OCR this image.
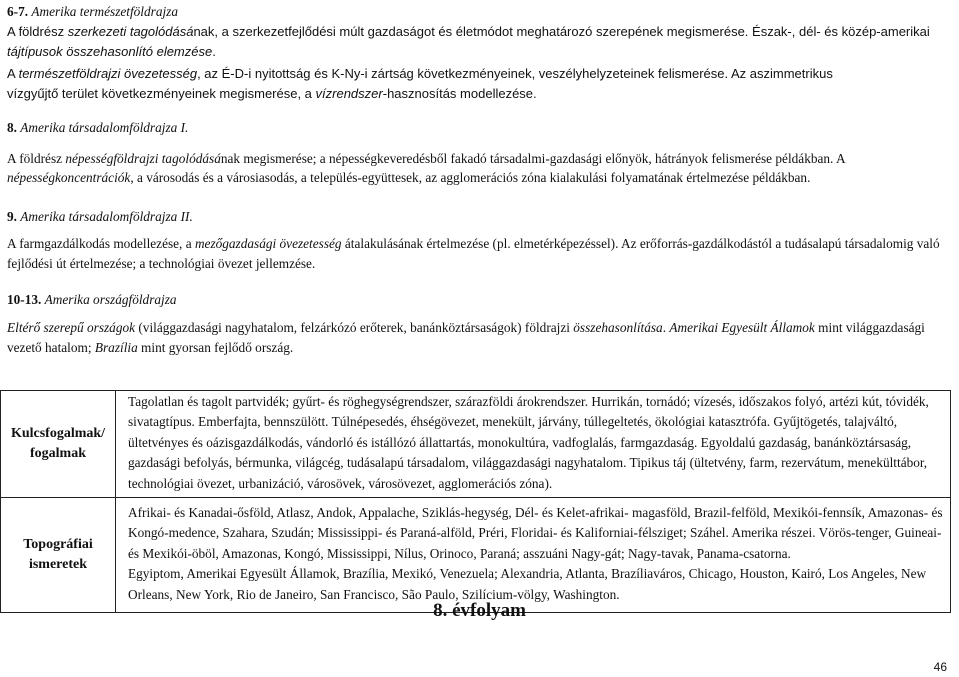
6-7. Amerika természetföldrajza
A földrész szerkezeti tagolódásának, a szerkezetfejlődési múlt gazdaságot és életmódot meghatározó szerepének megismerése. Észak-, dél- és közép-amerikai tájtípusok összehasonlító elemzése.
A természetföldrajzi övezetesség, az É-D-i nyitottság és K-Ny-i zártság következményeinek, veszélyhelyzeteinek felismerése. Az aszimmetrikus
vízgyűjtő terület következményeinek megismerése, a vízrendszer-hasznosítás modellezése.
8. Amerika társadalomföldrajza I.
A földrész népességföldrajzi tagolódásának megismerése; a népességkeveredésből fakadó társadalmi-gazdasági előnyök, hátrányok felismerése példákban. A népességkoncentrációk, a városodás és a városiasodás, a település-együttesek, az agglomerációs zóna kialakulási folyamatának értelmezése példákban.
9. Amerika társadalomföldrajza II.
A farmgazdálkodás modellezése, a mezőgazdasági övezetesség átalakulásának értelmezése (pl. elmetérképezéssel). Az erőforrás-gazdálkodástól a tudásalapú társadalomig való fejlődési út értelmezése; a technológiai övezet jellemzése.
10-13. Amerika országföldrajza
Eltérő szerepű országok (világgazdasági nagyhatalom, felzárkózó erőterek, banánköztársaságok) földrajzi összehasonlítása. Amerikai Egyesült Államok mint világgazdasági vezető hatalom; Brazília mint gyorsan fejlődő ország.
Kulcsfogalmak/ fogalmak	Tagolatlan és tagolt partvidék; gyűrt- és röghegységrendszer, szárazföldi árokrendszer. Hurrikán, tornádó; vízesés, időszakos folyó, artézi kút, tóvidék, sivatagtípus. Emberfajta, bennszülött. Túlnépesedés, éhségövezet, menekült, járvány, túllegeltetés, ökológiai katasztrófa. Gyűjtögetés, talajváltó, ültetvényes és oázisgazdálkodás, vándorló és istállózó állattartás, monokultúra, vadfoglalás, farmgazdaság. Egyoldalú gazdaság, banánköztársaság, gazdasági befolyás, bérmunka, világcég, tudásalapú társadalom, világgazdasági nagyhatalom. Tipikus táj (ültetvény, farm, rezervátum, menekülttábor, technológiai övezet, urbanizáció, városövek, városövezet, agglomerációs zóna).
Topográfiai ismeretek	Afrikai- és Kanadai-ősföld, Atlasz, Andok, Appalache, Sziklás-hegység, Dél- és Kelet-afrikai- magasföld, Brazil-felföld, Mexikói-fennsík, Amazonas- és Kongó-medence, Szahara, Szudán; Mississippi- és Paraná-alföld, Préri, Floridai- és Kaliforniai-félsziget; Száhel. Amerika részei. Vörös-tenger, Guineai- és Mexikói-öböl, Amazonas, Kongó, Mississippi, Nílus, Orinoco, Paraná; asszuáni Nagy-gát; Nagy-tavak, Panama-csatorna.
Egyiptom, Amerikai Egyesült Államok, Brazília, Mexikó, Venezuela; Alexandria, Atlanta, Brazíliaváros, Chicago, Houston, Kairó, Los Angeles, New Orleans, New York, Rio de Janeiro, San Francisco, São Paulo, Szilícium-völgy, Washington.
8. évfolyam
46
